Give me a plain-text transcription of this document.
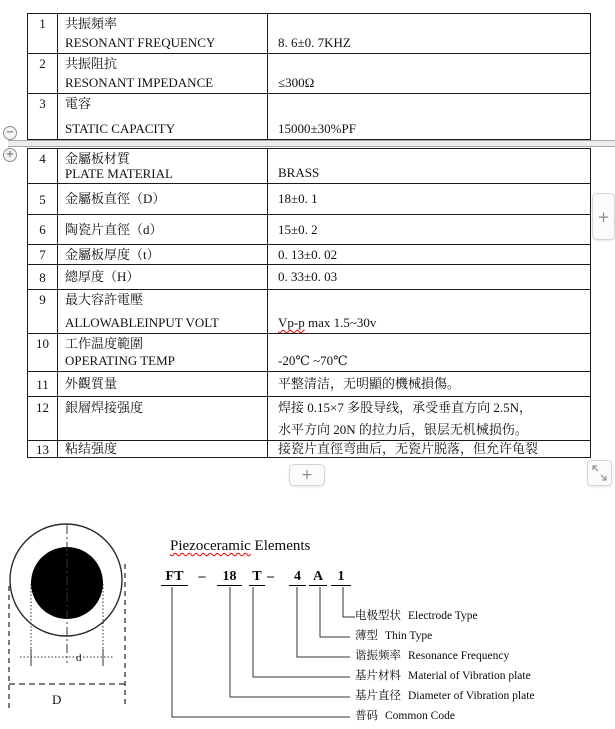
1	共振頻率
RESONANT FREQUENCY	8. 6±0. 7KHZ
2	共振阻抗
RESONANT IMPEDANCE	≤300Ω
3	電容
STATIC CAPACITY	15000±30%PF
−
+	4	金屬板材質
PLATE MATERIAL	BRASS
5	金屬板直徑（D）	18±0. 1
6	陶瓷片直徑（d）	15±0. 2
7	金屬板厚度（t）	0. 13±0. 02
8	總厚度（H）	0. 33±0. 03
9	最大容許電壓
ALLOWABLEINPUT VOLT	Vp-p max 1.5~30v
10	工作温度範圍
OPERATING TEMP	-20℃ ~70℃
11	外觀質量	平整清洁，无明顯的機械損傷。
12	銀層焊接强度	焊接 0.15×7 多股导线，承受垂直方向 2.5N，
水平方向 20N 的拉力后，银层无机械损伤。
13	粘结强度	接瓷片直徑弯曲后，无瓷片脱落，但允许龟裂
+
+
d
D
Piezoceramic Elements
FT	–	18	T –	4 A	1
电极型状 Electrode Type
薄型 Thin Type
谐振频率 Resonance Frequency
基片材料 Material of Vibration plate
基片直径 Diameter of Vibration plate
普码 Common Code
